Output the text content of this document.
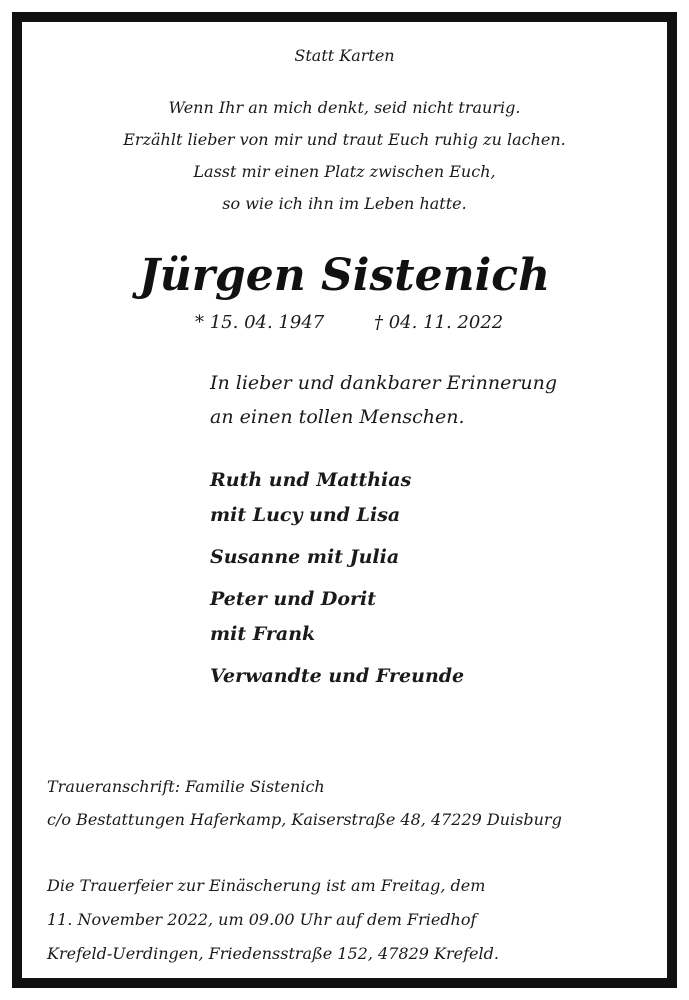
Statt Karten
Wenn Ihr an mich denkt, seid nicht traurig.
Erzählt lieber von mir und traut Euch ruhig zu lachen.
Lasst mir einen Platz zwischen Euch,
so wie ich ihn im Leben hatte.
Jürgen Sistenich
* 15. 04. 1947	† 04. 11. 2022
In lieber und dankbarer Erinnerung
an einen tollen Menschen.
Ruth und Matthias
mit Lucy und Lisa
Susanne mit Julia
Peter und Dorit
mit Frank
Verwandte und Freunde
Traueranschrift: Familie Sistenich
c/o Bestattungen Haferkamp, Kaiserstraße 48, 47229 Duisburg
Die Trauerfeier zur Einäscherung ist am Freitag, dem
11. November 2022, um 09.00 Uhr auf dem Friedhof
Krefeld-Uerdingen, Friedensstraße 152, 47829 Krefeld.
